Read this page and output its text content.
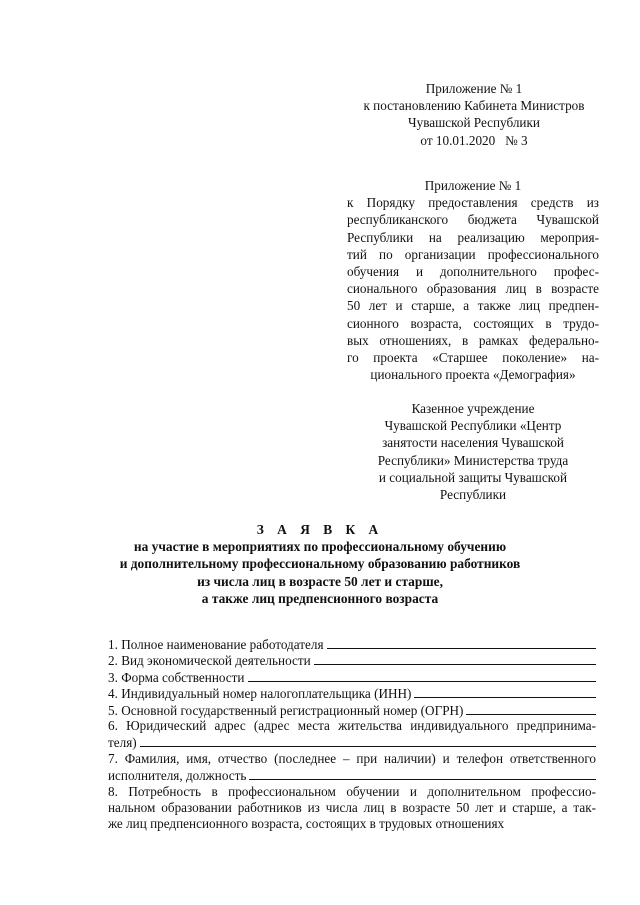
Приложение № 1
к постановлению Кабинета Министров
Чувашской Республики
от 10.01.2020   № 3
Приложение № 1
к Порядку предоставления средств из
республиканского бюджета Чувашской
Республики на реализацию мероприя-
тий по организации профессионального
обучения и дополнительного профес-
сионального образования лиц в возрасте
50 лет и старше, а также лиц предпен-
сионного возраста, состоящих в трудо-
вых отношениях, в рамках федерально-
го проекта «Старшее поколение» на-
ционального проекта «Демография»
Казенное учреждение
Чувашской Республики «Центр
занятости населения Чувашской
Республики» Министерства труда
и социальной защиты Чувашской
Республики
З А Я В К А
на участие в мероприятиях по профессиональному обучению
и дополнительному профессиональному образованию работников
из числа лиц в возрасте 50 лет и старше,
а также лиц предпенсионного возраста
1. Полное наименование работодателя
2. Вид экономической деятельности
3. Форма собственности
4. Индивидуальный номер налогоплательщика (ИНН)
5. Основной государственный регистрационный номер (ОГРН)
6. Юридический адрес (адрес места жительства индивидуального предпринима-
теля)
7. Фамилия, имя, отчество (последнее – при наличии) и телефон ответственного
исполнителя, должность
8. Потребность в профессиональном обучении и дополнительном профессио-
нальном образовании работников из числа лиц в возрасте 50 лет и старше, а так-
же лиц предпенсионного возраста, состоящих в трудовых отношениях
